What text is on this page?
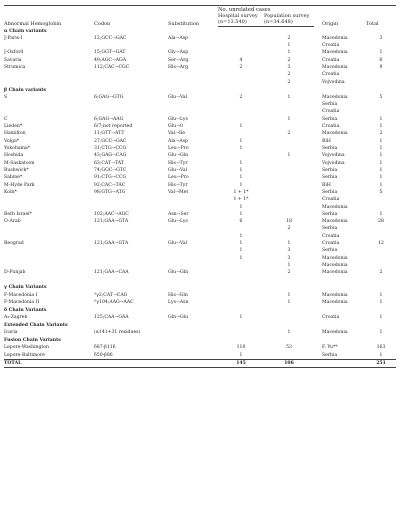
Abnormal Hemoglobin	Codon	Substitution	No. unrelated cases		Origin	Total
			Hospital survey (n=13.540)	Population survey (n=34.648)		
α Chain variants						
J-Paris-I	12;GCC→GAC	Ala→Asp		2	Macedonia	3
				1	Croatia	
J-Oxford	15;GGT→GAT	Gly→Asp		1	Macedonia	1
Savaria	49;AGC→AGA	Ser→Arg	4	2	Croatia	6
Strumica	112;CAC→CGC	His→Arg	2	3	Macedonia	9
				2	Croatia	
				2	Vojvodina	
β Chain variants						
S	6;GAG→GTG	Glu→Val	2	1	Macedonia	5
					Serbia	
					Croatia	
C	6;GAG→AAG	Glu→Lys		1	Serbia	1
Lieden*	6/7;not reported	Glu→0	1		Croatia	1
Hamilton	11;GTT→ATT	Val→Ile		2	Macedonia	2
Volga*	27;GCC→GAC	Ala→Asp	1		BiH	1
Yokohama*	31;CTG→CCG	Leu→Pro	1		Serbia	1
Hoshida	43;GAG→CAG	Glu→Gln		1	Vojvodina	1
M-Saskatoon	63;CAT→TAT	His→Tyr	1		Vojvodina	1
Bushwick*	74;GGC→GTC	Glu→Val	1		Serbia	1
Sabine*	91;CTG→CCG	Leu→Pro	1		Serbia	1
M-Hyde Park	92;CAC→TAC	His→Tyr	1		BiH	1
Koln*	98;GTG→ATG	Val→Met	1 + 1*		Serbia	5
			1 + 1*		Croatia	
			1		Macedonia	
Beth Israel*	102;AAC→AGC	Asn→Ser	1		Serbia	1
O-Arab	121;GAA→GTA	Glu→Lys	6	18	Macedonia	28
				2	Serbia	
			1		Croatia	
Beograd	121;GAA→GTA	Glu→Val	1	1	Croatia	12
			1	3	Serbia	
			1	3	Macedonia	
				1	Macedonia	
D-Punjab	121;GAA→CAA	Glu→Gln		2	Macedonia	2

γ Chain Variants						
F-Macedonia I	ᴬγ2;CAT→CAG	His→Gln		1	Macedonia	1
F-Macedonia II	ᴳγ104;AAG→AAC	Lys→Asn		1	Macedonia	1
δ Chain Variants						
A₂-Zagreb	125;CAA→GAA	Gln→Glu	1		Croatia	1
Extended Chain Variants						
Icaria	(α141+31 residues)			1	Macedonia	1
Fusion Chain Variants						
Lepore-Washington	δ87-β116		110	53	F. Yu**	163
Lepore-Baltimore	δ50-β86		1		Serbia	1
TOTAL			145	106		251
